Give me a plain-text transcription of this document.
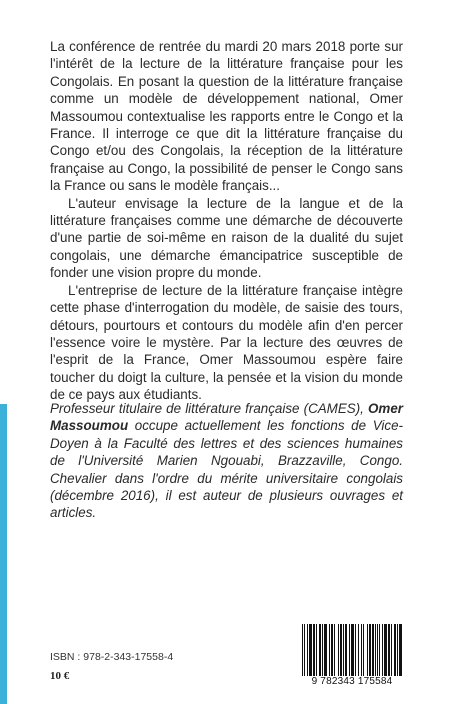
La conférence de rentrée du mardi 20 mars 2018 porte sur l'intérêt de la lecture de la littérature française pour les Congolais. En posant la question de la littérature française comme un modèle de développement national, Omer Massoumou contextualise les rapports entre le Congo et la France. Il interroge ce que dit la littérature française du Congo et/ou des Congolais, la réception de la littérature française au Congo, la possibilité de penser le Congo sans la France ou sans le modèle français...

L'auteur envisage la lecture de la langue et de la littérature françaises comme une démarche de découverte d'une partie de soi-même en raison de la dualité du sujet congolais, une démarche émancipatrice susceptible de fonder une vision propre du monde.

L'entreprise de lecture de la littérature française intègre cette phase d'interrogation du modèle, de saisie des tours, détours, pourtours et contours du modèle afin d'en percer l'essence voire le mystère. Par la lecture des œuvres de l'esprit de la France, Omer Massoumou espère faire toucher du doigt la culture, la pensée et la vision du monde de ce pays aux étudiants.

Professeur titulaire de littérature française (CAMES), Omer Massoumou occupe actuellement les fonctions de Vice-Doyen à la Faculté des lettres et des sciences humaines de l'Université Marien Ngouabi, Brazzaville, Congo. Chevalier dans l'ordre du mérite universitaire congolais (décembre 2016), il est auteur de plusieurs ouvrages et articles.

ISBN : 978-2-343-17558-4
10 €	9 782343 175584
